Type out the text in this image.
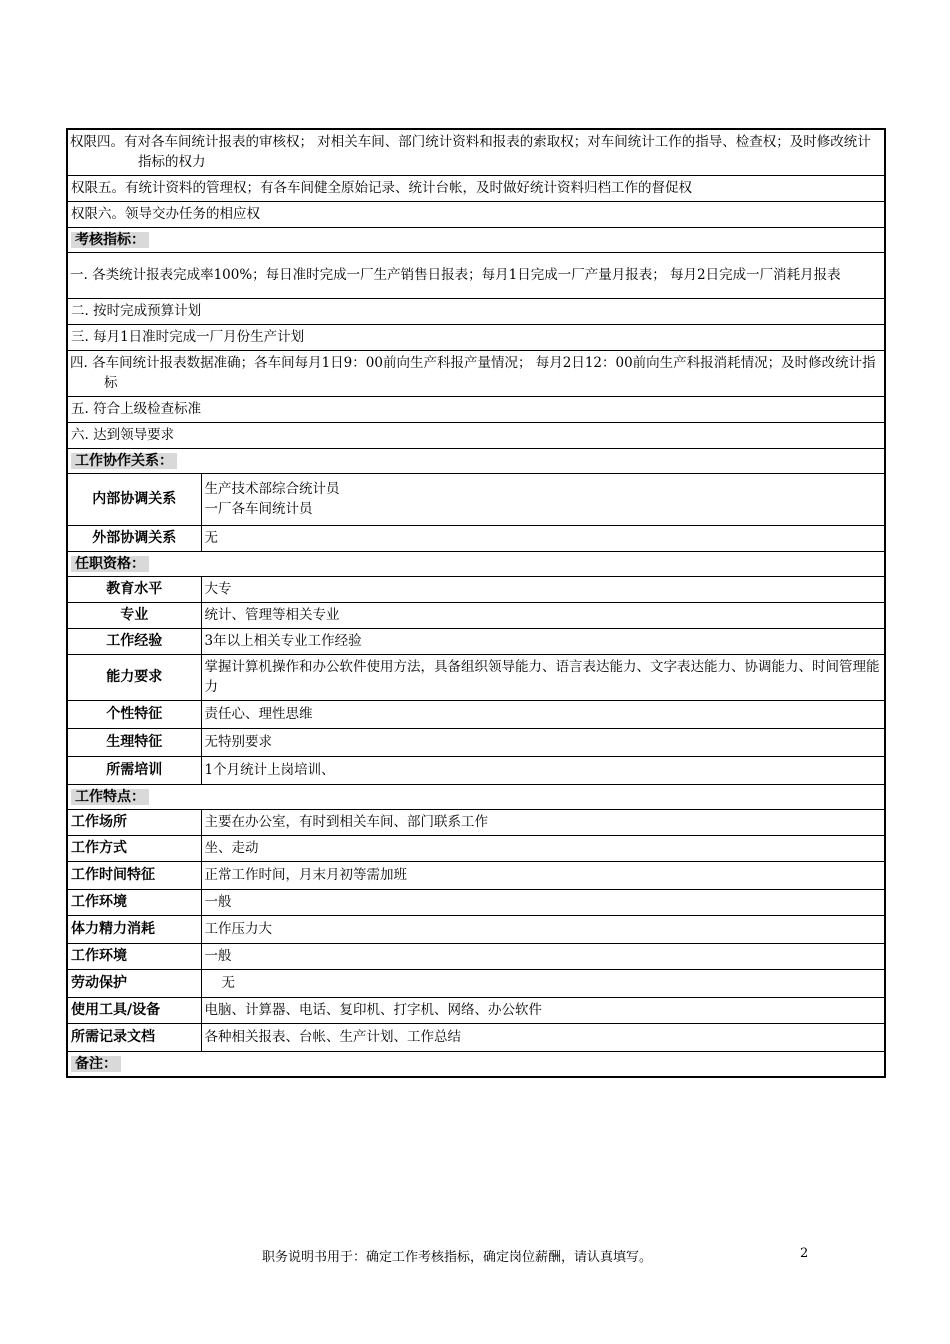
权限四。有对各车间统计报表的审核权； 对相关车间、部门统计资料和报表的索取权；对车间统计工作的指导、检查权；及时修改统计指标的权力	
权限五。有统计资料的管理权；有各车间健全原始记录、统计台帐，及时做好统计资料归档工作的督促权	
权限六。领导交办任务的相应权	
考核指标：	
一. 各类统计报表完成率100%；每日准时完成一厂生产销售日报表；每月1日完成一厂产量月报表； 每月2日完成一厂消耗月报表	
二. 按时完成预算计划	
三. 每月1日准时完成一厂月份生产计划	
四. 各车间统计报表数据准确；各车间每月1日9：00前向生产科报产量情况； 每月2日12：00前向生产科报消耗情况；及时修改统计指标	
五. 符合上级检查标准	
六. 达到领导要求	
工作协作关系：	
内部协调关系	生产技术部综合统计员
一厂各车间统计员

外部协调关系	无
任职资格：	
教育水平	大专
专业	统计、管理等相关专业
工作经验	3年以上相关专业工作经验
能力要求	掌握计算机操作和办公软件使用方法，具备组织领导能力、语言表达能力、文字表达能力、协调能力、时间管理能力
个性特征	责任心、理性思维
生理特征	无特别要求
所需培训	1个月统计上岗培训、
工作特点：	
工作场所	主要在办公室，有时到相关车间、部门联系工作
工作方式	坐、走动
工作时间特征	正常工作时间，月末月初等需加班
工作环境	一般
体力精力消耗	工作压力大
工作环境	一般
劳动保护	无
使用工具/设备	电脑、计算器、电话、复印机、打字机、网络、办公软件
所需记录文档	各种相关报表、台帐、生产计划、工作总结
备注：	
职务说明书用于：确定工作考核指标，确定岗位薪酬，请认真填写。	2
